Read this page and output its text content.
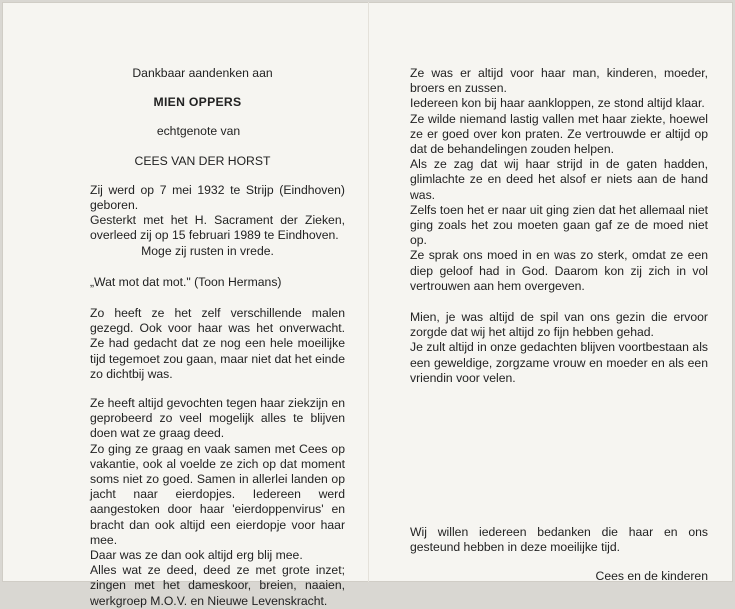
Dankbaar aandenken aan

MIEN OPPERS

echtgenote van

CEES VAN DER HORST

Zij werd op 7 mei 1932 te Strijp (Eindhoven) geboren.

Gesterkt met het H. Sacrament der Zieken, overleed zij op 15 februari 1989 te Eindhoven.

Moge zij rusten in vrede.

„Wat mot dat mot." (Toon Hermans)

Zo heeft ze het zelf verschillende malen gezegd. Ook voor haar was het onverwacht. Ze had gedacht dat ze nog een hele moeilijke tijd tegemoet zou gaan, maar niet dat het einde zo dichtbij was.

Ze heeft altijd gevochten tegen haar ziekzijn en geprobeerd zo veel mogelijk alles te blijven doen wat ze graag deed.

Zo ging ze graag en vaak samen met Cees op vakantie, ook al voelde ze zich op dat moment soms niet zo goed. Samen in allerlei landen op jacht naar eierdopjes. Iedereen werd aangestoken door haar 'eierdoppenvirus' en bracht dan ook altijd een eierdopje voor haar mee.

Daar was ze dan ook altijd erg blij mee.

Alles wat ze deed, deed ze met grote inzet; zingen met het dameskoor, breien, naaien, werkgroep M.O.V. en Nieuwe Levenskracht.

Ze was er altijd voor haar man, kinderen, moeder, broers en zussen.

Iedereen kon bij haar aankloppen, ze stond altijd klaar.

Ze wilde niemand lastig vallen met haar ziekte, hoewel ze er goed over kon praten. Ze vertrouwde er altijd op dat de behandelingen zouden helpen.

Als ze zag dat wij haar strijd in de gaten hadden, glimlachte ze en deed het alsof er niets aan de hand was.

Zelfs toen het er naar uit ging zien dat het allemaal niet ging zoals het zou moeten gaan gaf ze de moed niet op.

Ze sprak ons moed in en was zo sterk, omdat ze een diep geloof had in God. Daarom kon zij zich in vol vertrouwen aan hem overgeven.

Mien, je was altijd de spil van ons gezin die ervoor zorgde dat wij het altijd zo fijn hebben gehad.

Je zult altijd in onze gedachten blijven voortbestaan als een geweldige, zorgzame vrouw en moeder en als een vriendin voor velen.

Wij willen iedereen bedanken die haar en ons gesteund hebben in deze moeilijke tijd.

Cees en de kinderen
